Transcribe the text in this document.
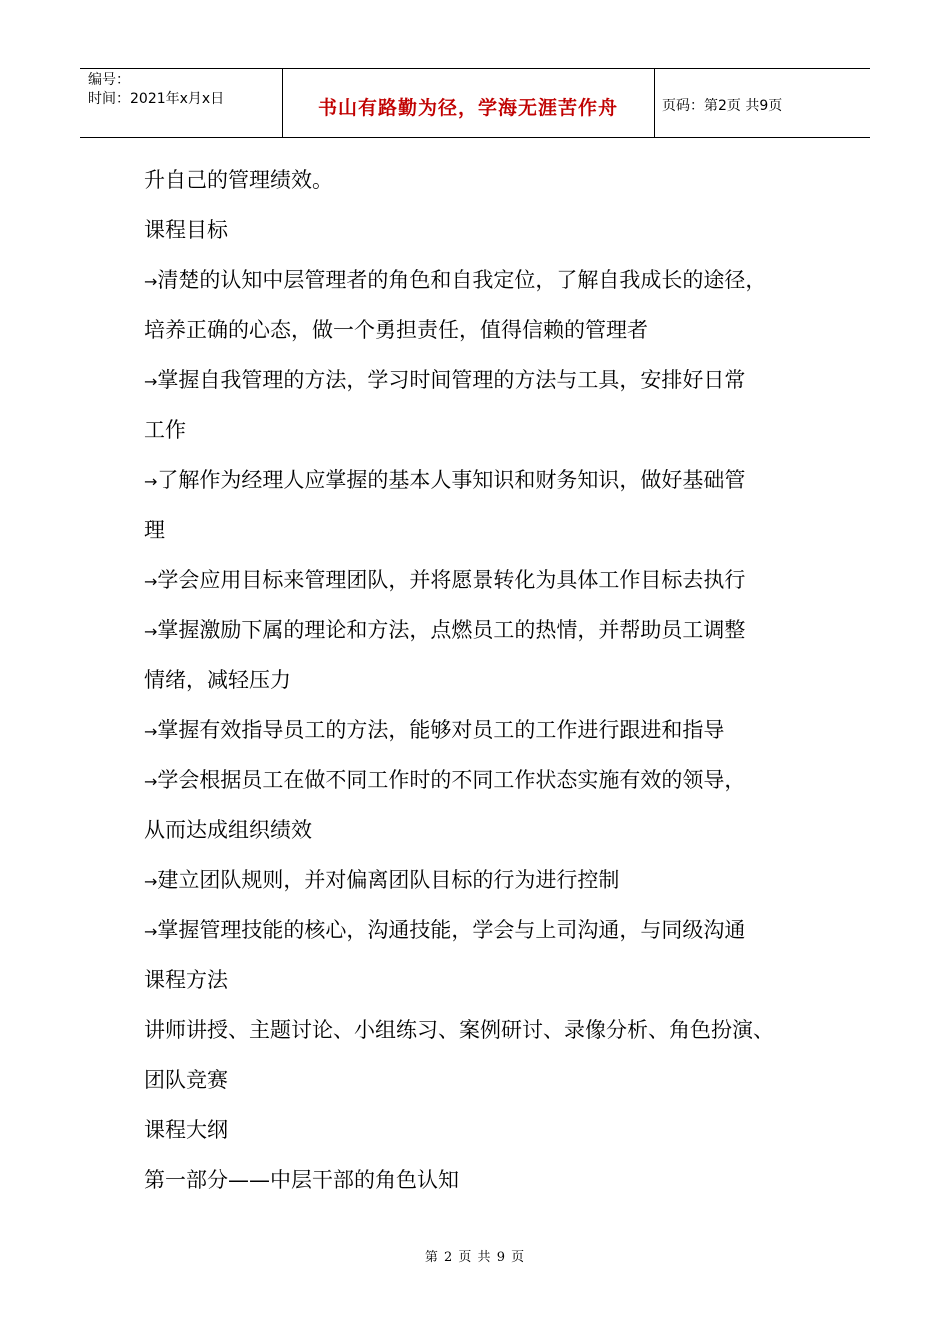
编号：
时间：2021年x月x日	书山有路勤为径，学海无涯苦作舟	页码：第2页 共9页
升自己的管理绩效。
课程目标
→清楚的认知中层管理者的角色和自我定位，了解自我成长的途径，
培养正确的心态，做一个勇担责任，值得信赖的管理者
→掌握自我管理的方法，学习时间管理的方法与工具，安排好日常
工作
→了解作为经理人应掌握的基本人事知识和财务知识，做好基础管
理
→学会应用目标来管理团队，并将愿景转化为具体工作目标去执行
→掌握激励下属的理论和方法，点燃员工的热情，并帮助员工调整
情绪，减轻压力
→掌握有效指导员工的方法，能够对员工的工作进行跟进和指导
→学会根据员工在做不同工作时的不同工作状态实施有效的领导，
从而达成组织绩效
→建立团队规则，并对偏离团队目标的行为进行控制
→掌握管理技能的核心，沟通技能，学会与上司沟通，与同级沟通
课程方法
讲师讲授、主题讨论、小组练习、案例研讨、录像分析、角色扮演、
团队竞赛
课程大纲
第一部分——中层干部的角色认知
第 2 页 共 9 页
